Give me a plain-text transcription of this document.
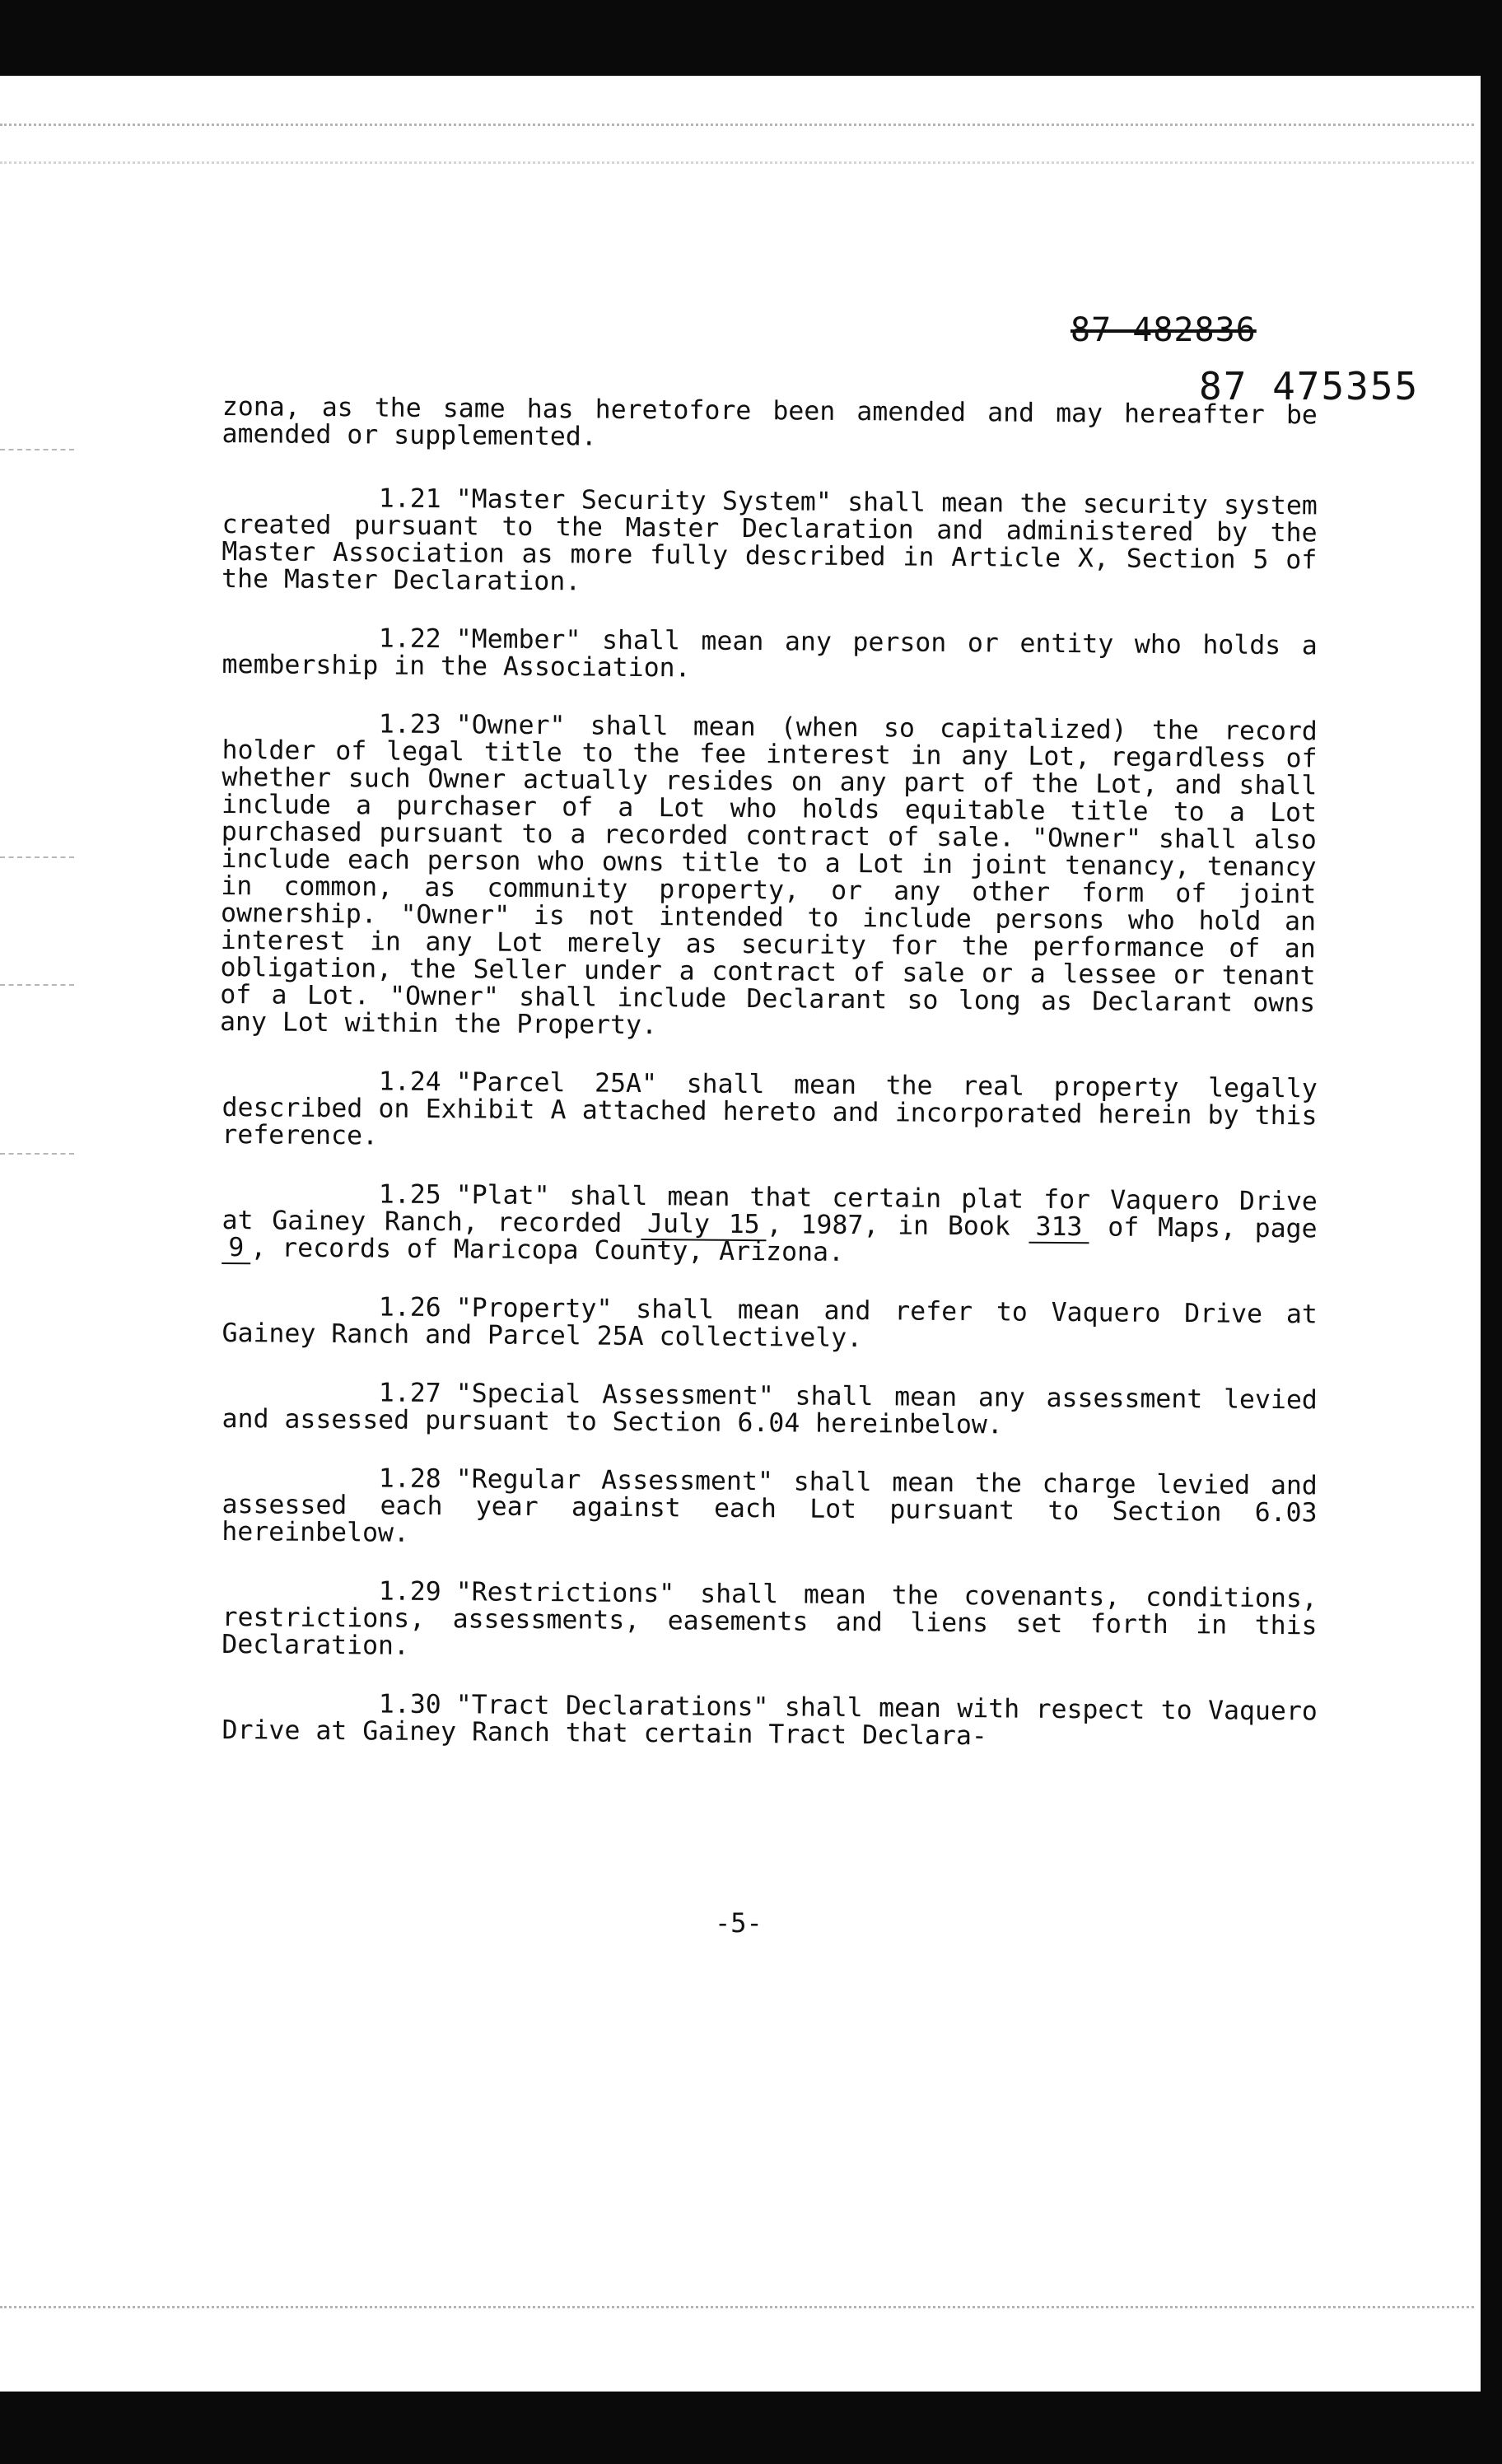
87 482836
87 475355

zona, as the same has heretofore been amended and may hereafter be amended or supplemented.

1.21 "Master Security System" shall mean the security system created pursuant to the Master Declaration and administered by the Master Association as more fully described in Article X, Section 5 of the Master Declaration.

1.22 "Member" shall mean any person or entity who holds a membership in the Association.

1.23 "Owner" shall mean (when so capitalized) the record holder of legal title to the fee interest in any Lot, regardless of whether such Owner actually resides on any part of the Lot, and shall include a purchaser of a Lot who holds equitable title to a Lot purchased pursuant to a recorded contract of sale. "Owner" shall also include each person who owns title to a Lot in joint tenancy, tenancy in common, as community property, or any other form of joint ownership. "Owner" is not intended to include persons who hold an interest in any Lot merely as security for the performance of an obligation, the Seller under a contract of sale or a lessee or tenant of a Lot. "Owner" shall include Declarant so long as Declarant owns any Lot within the Property.

1.24 "Parcel 25A" shall mean the real property legally described on Exhibit A attached hereto and incorporated herein by this reference.

1.25 "Plat" shall mean that certain plat for Vaquero Drive at Gainey Ranch, recorded July 15 , 1987, in Book 313 of Maps, page 9 , records of Maricopa County, Arizona.

1.26 "Property" shall mean and refer to Vaquero Drive at Gainey Ranch and Parcel 25A collectively.

1.27 "Special Assessment" shall mean any assessment levied and assessed pursuant to Section 6.04 hereinbelow.

1.28 "Regular Assessment" shall mean the charge levied and assessed each year against each Lot pursuant to Section 6.03 hereinbelow.

1.29 "Restrictions" shall mean the covenants, conditions, restrictions, assessments, easements and liens set forth in this Declaration.

1.30 "Tract Declarations" shall mean with respect to Vaquero Drive at Gainey Ranch that certain Tract Declara-

-5-
